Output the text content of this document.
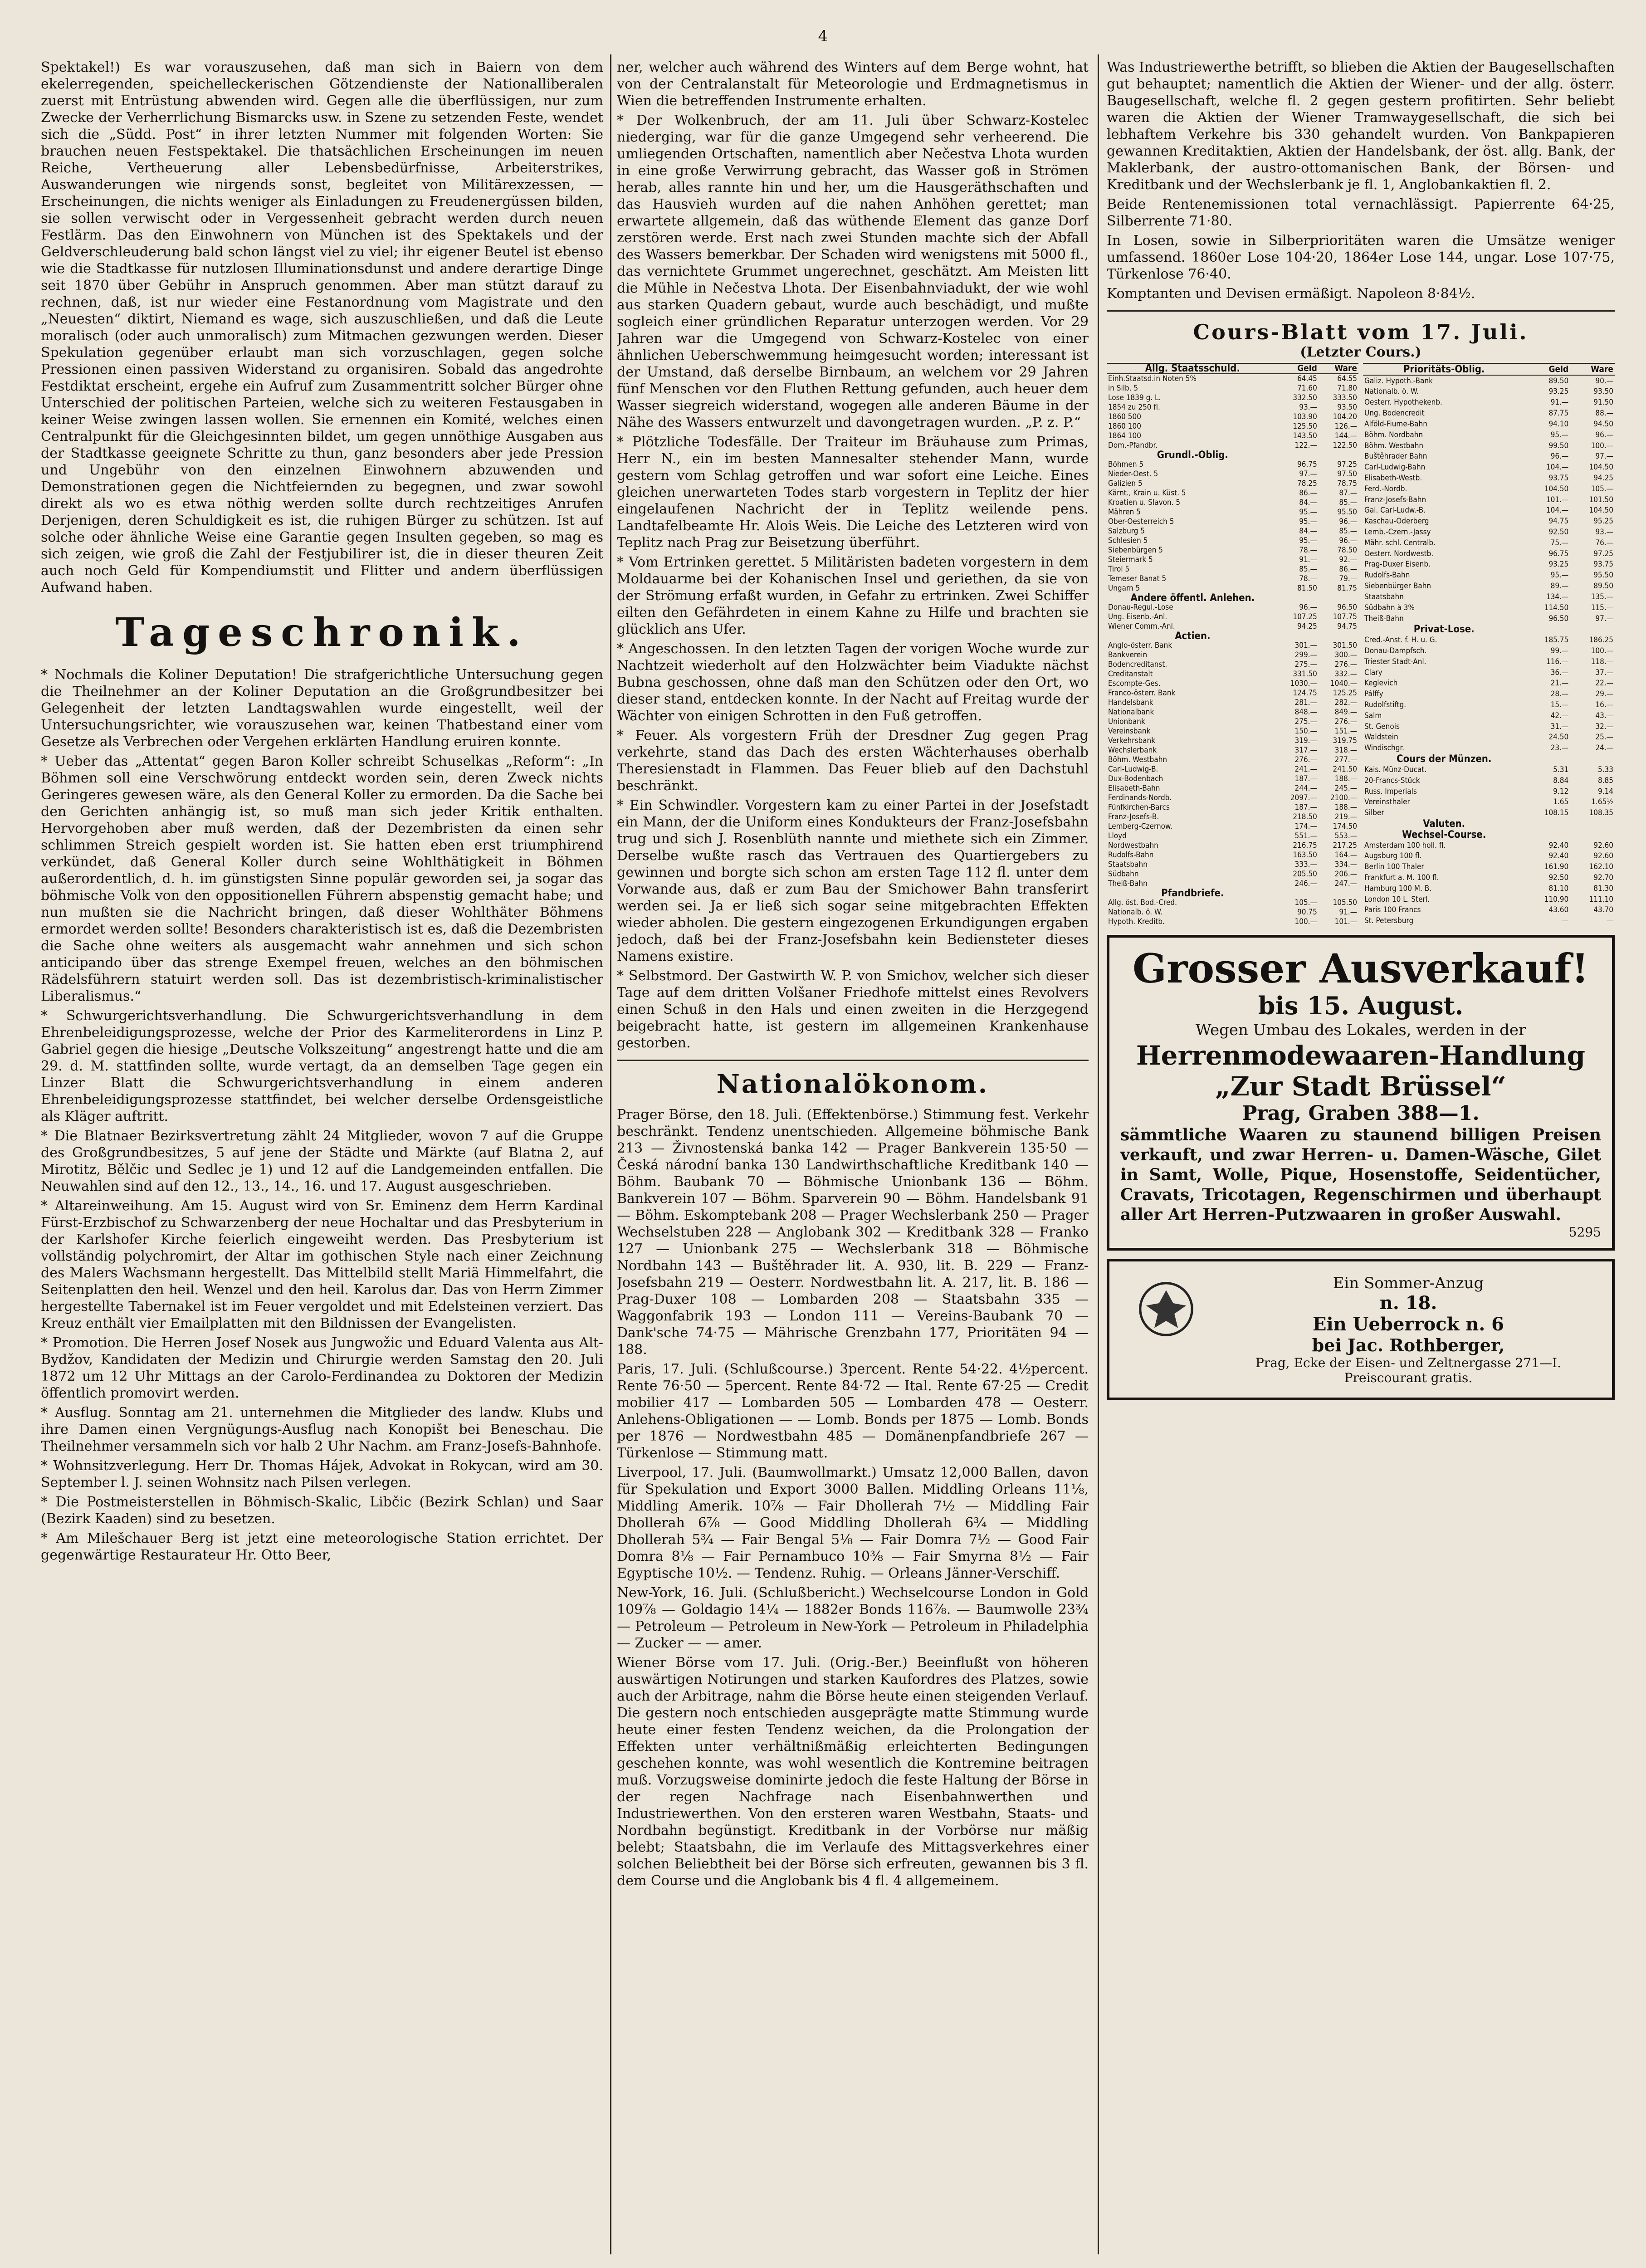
4

Spektakel!) Es war vorauszusehen, daß man sich in Baiern von dem ekelerregenden, speichelleckerischen Götzendienste der Nationalliberalen zuerst mit Entrüstung abwenden wird. Gegen alle die überflüssigen, nur zum Zwecke der Verherrlichung Bismarcks usw. in Szene zu setzenden Feste, wendet sich die „Südd. Post“ in ihrer letzten Nummer mit folgenden Worten: Sie brauchen neuen Festspektakel. Die thatsächlichen Erscheinungen im neuen Reiche, Vertheuerung aller Lebensbedürfnisse, Arbeiterstrikes, Auswanderungen wie nirgends sonst, begleitet von Militärexzessen, — Erscheinungen, die nichts weniger als Einladungen zu Freudenergüssen bilden, sie sollen verwischt oder in Vergessenheit gebracht werden durch neuen Festlärm. Das den Einwohnern von München ist des Spektakels und der Geldverschleuderung bald schon längst viel zu viel; ihr eigener Beutel ist ebenso wie die Stadtkasse für nutzlosen Illuminationsdunst und andere derartige Dinge seit 1870 über Gebühr in Anspruch genommen. Aber man stützt darauf zu rechnen, daß, ist nur wieder eine Festanordnung vom Magistrate und den „Neuesten“ diktirt, Niemand es wage, sich auszuschließen, und daß die Leute moralisch (oder auch unmoralisch) zum Mitmachen gezwungen werden. Dieser Spekulation gegenüber erlaubt man sich vorzuschlagen, gegen solche Pressionen einen passiven Widerstand zu organisiren. Sobald das angedrohte Festdiktat erscheint, ergehe ein Aufruf zum Zusammentritt solcher Bürger ohne Unterschied der politischen Parteien, welche sich zu weiteren Festausgaben in keiner Weise zwingen lassen wollen. Sie ernennen ein Komité, welches einen Centralpunkt für die Gleichgesinnten bildet, um gegen unnöthige Ausgaben aus der Stadtkasse geeignete Schritte zu thun, ganz besonders aber jede Pression und Ungebühr von den einzelnen Einwohnern abzuwenden und Demonstrationen gegen die Nichtfeiernden zu begegnen, und zwar sowohl direkt als wo es etwa nöthig werden sollte durch rechtzeitiges Anrufen Derjenigen, deren Schuldigkeit es ist, die ruhigen Bürger zu schützen. Ist auf solche oder ähnliche Weise eine Garantie gegen Insulten gegeben, so mag es sich zeigen, wie groß die Zahl der Festjubilirer ist, die in dieser theuren Zeit auch noch Geld für Kompendiumstit und Flitter und andern überflüssigen Aufwand haben.

Tageschronik.

* Nochmals die Koliner Deputation! Die strafgerichtliche Untersuchung gegen die Theilnehmer an der Koliner Deputation an die Großgrundbesitzer bei Gelegenheit der letzten Landtagswahlen wurde eingestellt, weil der Untersuchungsrichter, wie vorauszusehen war, keinen Thatbestand einer vom Gesetze als Verbrechen oder Vergehen erklärten Handlung eruiren konnte.

* Ueber das „Attentat“ gegen Baron Koller schreibt Schuselkas „Reform“: „In Böhmen soll eine Verschwörung entdeckt worden sein, deren Zweck nichts Geringeres gewesen wäre, als den General Koller zu ermorden. Da die Sache bei den Gerichten anhängig ist, so muß man sich jeder Kritik enthalten. Hervorgehoben aber muß werden, daß der Dezembristen da einen sehr schlimmen Streich gespielt worden ist. Sie hatten eben erst triumphirend verkündet, daß General Koller durch seine Wohlthätigkeit in Böhmen außerordentlich, d. h. im günstigsten Sinne populär geworden sei, ja sogar das böhmische Volk von den oppositionellen Führern abspenstig gemacht habe; und nun mußten sie die Nachricht bringen, daß dieser Wohlthäter Böhmens ermordet werden sollte! Besonders charakteristisch ist es, daß die Dezembristen die Sache ohne weiters als ausgemacht wahr annehmen und sich schon anticipando über das strenge Exempel freuen, welches an den böhmischen Rädelsführern statuirt werden soll. Das ist dezembristisch-kriminalistischer Liberalismus.“

* Schwurgerichtsverhandlung. Die Schwurgerichtsverhandlung in dem Ehrenbeleidigungsprozesse, welche der Prior des Karmeliterordens in Linz P. Gabriel gegen die hiesige „Deutsche Volkszeitung“ angestrengt hatte und die am 29. d. M. stattfinden sollte, wurde vertagt, da an demselben Tage gegen ein Linzer Blatt die Schwurgerichtsverhandlung in einem anderen Ehrenbeleidigungsprozesse stattfindet, bei welcher derselbe Ordensgeistliche als Kläger auftritt.

* Die Blatnaer Bezirksvertretung zählt 24 Mitglieder, wovon 7 auf die Gruppe des Großgrundbesitzes, 5 auf jene der Städte und Märkte (auf Blatna 2, auf Mirotitz, Bělčic und Sedlec je 1) und 12 auf die Landgemeinden entfallen. Die Neuwahlen sind auf den 12., 13., 14., 16. und 17. August ausgeschrieben.

* Altareinweihung. Am 15. August wird von Sr. Eminenz dem Herrn Kardinal Fürst-Erzbischof zu Schwarzenberg der neue Hochaltar und das Presbyterium in der Karlshofer Kirche feierlich eingeweiht werden. Das Presbyterium ist vollständig polychromirt, der Altar im gothischen Style nach einer Zeichnung des Malers Wachsmann hergestellt. Das Mittelbild stellt Mariä Himmelfahrt, die Seitenplatten den heil. Wenzel und den heil. Karolus dar. Das von Herrn Zimmer hergestellte Tabernakel ist im Feuer vergoldet und mit Edelsteinen verziert. Das Kreuz enthält vier Emailplatten mit den Bildnissen der Evangelisten.

* Promotion. Die Herren Josef Nosek aus Jungwožic und Eduard Valenta aus Alt-Bydžov, Kandidaten der Medizin und Chirurgie werden Samstag den 20. Juli 1872 um 12 Uhr Mittags an der Carolo-Ferdinandea zu Doktoren der Medizin öffentlich promovirt werden.

* Ausflug. Sonntag am 21. unternehmen die Mitglieder des landw. Klubs und ihre Damen einen Vergnügungs-Ausflug nach Konopišt bei Beneschau. Die Theilnehmer versammeln sich vor halb 2 Uhr Nachm. am Franz-Josefs-Bahnhofe.

* Wohnsitzverlegung. Herr Dr. Thomas Hájek, Advokat in Rokycan, wird am 30. September l. J. seinen Wohnsitz nach Pilsen verlegen.

* Die Postmeisterstellen in Böhmisch-Skalic, Libčic (Bezirk Schlan) und Saar (Bezirk Kaaden) sind zu besetzen.

* Am Milešchauer Berg ist jetzt eine meteorologische Station errichtet. Der gegenwärtige Restaurateur Hr. Otto Beer,

ner, welcher auch während des Winters auf dem Berge wohnt, hat von der Centralanstalt für Meteorologie und Erdmagnetismus in Wien die betreffenden Instrumente erhalten.

* Der Wolkenbruch, der am 11. Juli über Schwarz-Kostelec niederging, war für die ganze Umgegend sehr verheerend. Die umliegenden Ortschaften, namentlich aber Nečestva Lhota wurden in eine große Verwirrung gebracht, das Wasser goß in Strömen herab, alles rannte hin und her, um die Hausgeräthschaften und das Hausvieh wurden auf die nahen Anhöhen gerettet; man erwartete allgemein, daß das wüthende Element das ganze Dorf zerstören werde. Erst nach zwei Stunden machte sich der Abfall des Wassers bemerkbar. Der Schaden wird wenigstens mit 5000 fl., das vernichtete Grummet ungerechnet, geschätzt. Am Meisten litt die Mühle in Nečestva Lhota. Der Eisenbahnviadukt, der wie wohl aus starken Quadern gebaut, wurde auch beschädigt, und mußte sogleich einer gründlichen Reparatur unterzogen werden. Vor 29 Jahren war die Umgegend von Schwarz-Kostelec von einer ähnlichen Ueberschwemmung heimgesucht worden; interessant ist der Umstand, daß derselbe Birnbaum, an welchem vor 29 Jahren fünf Menschen vor den Fluthen Rettung gefunden, auch heuer dem Wasser siegreich widerstand, wogegen alle anderen Bäume in der Nähe des Wassers entwurzelt und davongetragen wurden. „P. z. P.“

* Plötzliche Todesfälle. Der Traiteur im Bräuhause zum Primas, Herr N., ein im besten Mannesalter stehender Mann, wurde gestern vom Schlag getroffen und war sofort eine Leiche. Eines gleichen unerwarteten Todes starb vorgestern in Teplitz der hier eingelaufenen Nachricht der in Teplitz weilende pens. Landtafelbeamte Hr. Alois Weis. Die Leiche des Letzteren wird von Teplitz nach Prag zur Beisetzung überführt.

* Vom Ertrinken gerettet. 5 Militäristen badeten vorgestern in dem Moldauarme bei der Kohanischen Insel und geriethen, da sie von der Strömung erfaßt wurden, in Gefahr zu ertrinken. Zwei Schiffer eilten den Gefährdeten in einem Kahne zu Hilfe und brachten sie glücklich ans Ufer.

* Angeschossen. In den letzten Tagen der vorigen Woche wurde zur Nachtzeit wiederholt auf den Holzwächter beim Viadukte nächst Bubna geschossen, ohne daß man den Schützen oder den Ort, wo dieser stand, entdecken konnte. In der Nacht auf Freitag wurde der Wächter von einigen Schrotten in den Fuß getroffen.

* Feuer. Als vorgestern Früh der Dresdner Zug gegen Prag verkehrte, stand das Dach des ersten Wächterhauses oberhalb Theresienstadt in Flammen. Das Feuer blieb auf den Dachstuhl beschränkt.

* Ein Schwindler. Vorgestern kam zu einer Partei in der Josefstadt ein Mann, der die Uniform eines Kondukteurs der Franz-Josefsbahn trug und sich J. Rosenblüth nannte und miethete sich ein Zimmer. Derselbe wußte rasch das Vertrauen des Quartiergebers zu gewinnen und borgte sich schon am ersten Tage 112 fl. unter dem Vorwande aus, daß er zum Bau der Smichower Bahn transferirt werden sei. Ja er ließ sich sogar seine mitgebrachten Effekten wieder abholen. Die gestern eingezogenen Erkundigungen ergaben jedoch, daß bei der Franz-Josefsbahn kein Bediensteter dieses Namens existire.

* Selbstmord. Der Gastwirth W. P. von Smichov, welcher sich dieser Tage auf dem dritten Volšaner Friedhofe mittelst eines Revolvers einen Schuß in den Hals und einen zweiten in die Herzgegend beigebracht hatte, ist gestern im allgemeinen Krankenhause gestorben.

Nationalökonom.

Prager Börse, den 18. Juli. (Effektenbörse.) Stimmung fest. Verkehr beschränkt. Tendenz unentschieden. Allgemeine böhmische Bank 213 — Živnostenská banka 142 — Prager Bankverein 135·50 — Česká národní banka 130 Landwirthschaftliche Kreditbank 140 — Böhm. Baubank 70 — Böhmische Unionbank 136 — Böhm. Bankverein 107 — Böhm. Sparverein 90 — Böhm. Handelsbank 91 — Böhm. Eskomptebank 208 — Prager Wechslerbank 250 — Prager Wechselstuben 228 — Anglobank 302 — Kreditbank 328 — Franko 127 — Unionbank 275 — Wechslerbank 318 — Böhmische Nordbahn 143 — Buštěhrader lit. A. 930, lit. B. 229 — Franz-Josefsbahn 219 — Oesterr. Nordwestbahn lit. A. 217, lit. B. 186 — Prag-Duxer 108 — Lombarden 208 — Staatsbahn 335 — Waggonfabrik 193 — London 111 — Vereins-Baubank 70 — Dank'sche 74·75 — Mährische Grenzbahn 177, Prioritäten 94 — 188.

Paris, 17. Juli. (Schlußcourse.) 3percent. Rente 54·22. 4½percent. Rente 76·50 — 5percent. Rente 84·72 — Ital. Rente 67·25 — Credit mobilier 417 — Lombarden 505 — Lombarden 478 — Oesterr. Anlehens-Obligationen — — Lomb. Bonds per 1875 — Lomb. Bonds per 1876 — Nordwestbahn 485 — Domänenpfandbriefe 267 — Türkenlose — Stimmung matt.

Liverpool, 17. Juli. (Baumwollmarkt.) Umsatz 12,000 Ballen, davon für Spekulation und Export 3000 Ballen. Middling Orleans 11⅛, Middling Amerik. 10⅞ — Fair Dhollerah 7½ — Middling Fair Dhollerah 6⅞ — Good Middling Dhollerah 6¾ — Middling Dhollerah 5¾ — Fair Bengal 5⅛ — Fair Domra 7½ — Good Fair Domra 8⅛ — Fair Pernambuco 10⅜ — Fair Smyrna 8½ — Fair Egyptische 10½. — Tendenz. Ruhig. — Orleans Jänner-Verschiff.

New-York, 16. Juli. (Schlußbericht.) Wechselcourse London in Gold 109⅞ — Goldagio 14¼ — 1882er Bonds 116⅞. — Baumwolle 23¾ — Petroleum — Petroleum in New-York — Petroleum in Philadelphia — Zucker — — amer.

Wiener Börse vom 17. Juli. (Orig.-Ber.) Beeinflußt von höheren auswärtigen Notirungen und starken Kaufordres des Platzes, sowie auch der Arbitrage, nahm die Börse heute einen steigenden Verlauf. Die gestern noch entschieden ausgeprägte matte Stimmung wurde heute einer festen Tendenz weichen, da die Prolongation der Effekten unter verhältnißmäßig erleichterten Bedingungen geschehen konnte, was wohl wesentlich die Kontremine beitragen muß. Vorzugsweise dominirte jedoch die feste Haltung der Börse in der regen Nachfrage nach Eisenbahnwerthen und Industriewerthen. Von den ersteren waren Westbahn, Staats- und Nordbahn begünstigt. Kreditbank in der Vorbörse nur mäßig belebt; Staatsbahn, die im Verlaufe des Mittagsverkehres einer solchen Beliebtheit bei der Börse sich erfreuten, gewannen bis 3 fl. dem Course und die Anglobank bis 4 fl. 4 allgemeinem.

Was Industriewerthe betrifft, so blieben die Aktien der Baugesellschaften gut behauptet; namentlich die Aktien der Wiener- und der allg. österr. Baugesellschaft, welche fl. 2 gegen gestern profitirten. Sehr beliebt waren die Aktien der Wiener Tramwaygesellschaft, die sich bei lebhaftem Verkehre bis 330 gehandelt wurden. Von Bankpapieren gewannen Kreditaktien, Aktien der Handelsbank, der öst. allg. Bank, der Maklerbank, der austro-ottomanischen Bank, der Börsen- und Kreditbank und der Wechslerbank je fl. 1, Anglobankaktien fl. 2.

Beide Rentenemissionen total vernachlässigt. Papierrente 64·25, Silberrente 71·80.

In Losen, sowie in Silberprioritäten waren die Umsätze weniger umfassend. 1860er Lose 104·20, 1864er Lose 144, ungar. Lose 107·75, Türkenlose 76·40.

Komptanten und Devisen ermäßigt. Napoleon 8·84⅟₂.

Cours-Blatt vom 17. Juli.
(Letzter Cours.)
Allg. Staatsschuld.	Geld	Ware
Einh.Staatsd.in Noten 5%	64.45	64.55
in Silb. 5	71.60	71.80
Lose 1839 g. L.	332.50	333.50
1854 zu 250 fl.	93.—	93.50
1860 500	103.90	104.20
1860 100	125.50	126.—
1864 100	143.50	144.—
Dom.-Pfandbr.	122.—	122.50
Grundl.-Oblig.		
Böhmen 5	96.75	97.25
Nieder-Oest. 5	97.—	97.50
Galizien 5	78.25	78.75
Kärnt., Krain u. Küst. 5	86.—	87.—
Kroatien u. Slavon. 5	84.—	85.—
Mähren 5	95.—	95.50
Ober-Oesterreich 5	95.—	96.—
Salzburg 5	84.—	85.—
Schlesien 5	95.—	96.—
Siebenbürgen 5	78.—	78.50
Steiermark 5	91.—	92.—
Tirol 5	85.—	86.—
Temeser Banat 5	78.—	79.—
Ungarn 5	81.50	81.75
Andere öffentl. Anlehen.		
Donau-Regul.-Lose	96.—	96.50
Ung. Eisenb.-Anl.	107.25	107.75
Wiener Comm.-Anl.	94.25	94.75
Actien.		
Anglo-österr. Bank	301.—	301.50
Bankverein	299.—	300.—
Bodencreditanst.	275.—	276.—
Creditanstalt	331.50	332.—
Escompte-Ges.	1030.—	1040.—
Franco-österr. Bank	124.75	125.25
Handelsbank	281.—	282.—
Nationalbank	848.—	849.—
Unionbank	275.—	276.—
Vereinsbank	150.—	151.—
Verkehrsbank	319.—	319.75
Wechslerbank	317.—	318.—
Böhm. Westbahn	276.—	277.—
Carl-Ludwig-B.	241.—	241.50
Dux-Bodenbach	187.—	188.—
Elisabeth-Bahn	244.—	245.—
Ferdinands-Nordb.	2097.—	2100.—
Fünfkirchen-Barcs	187.—	188.—
Franz-Josefs-B.	218.50	219.—
Lemberg-Czernow.	174.—	174.50
Lloyd	551.—	553.—
Nordwestbahn	216.75	217.25
Rudolfs-Bahn	163.50	164.—
Staatsbahn	333.—	334.—
Südbahn	205.50	206.—
Theiß-Bahn	246.—	247.—
Pfandbriefe.		
Allg. öst. Bod.-Cred.	105.—	105.50
Nationalb. ö. W.	90.75	91.—
Hypoth. Kreditb.	100.—	101.—
Prioritäts-Oblig.	Geld	Ware
Galiz. Hypoth.-Bank	89.50	90.—
Nationalb. ö. W.	93.25	93.50
Oesterr. Hypothekenb.	91.—	91.50
Ung. Bodencredit	87.75	88.—
Alföld-Fiume-Bahn	94.10	94.50
Böhm. Nordbahn	95.—	96.—
Böhm. Westbahn	99.50	100.—
Buštěhrader Bahn	96.—	97.—
Carl-Ludwig-Bahn	104.—	104.50
Elisabeth-Westb.	93.75	94.25
Ferd.-Nordb.	104.50	105.—
Franz-Josefs-Bahn	101.—	101.50
Gal. Carl-Ludw.-B.	104.—	104.50
Kaschau-Oderberg	94.75	95.25
Lemb.-Czern.-Jassy	92.50	93.—
Mähr. schl. Centralb.	75.—	76.—
Oesterr. Nordwestb.	96.75	97.25
Prag-Duxer Eisenb.	93.25	93.75
Rudolfs-Bahn	95.—	95.50
Siebenbürger Bahn	89.—	89.50
Staatsbahn	134.—	135.—
Südbahn à 3%	114.50	115.—
Theiß-Bahn	96.50	97.—
Privat-Lose.		
Cred.-Anst. f. H. u. G.	185.75	186.25
Donau-Dampfsch.	99.—	100.—
Triester Stadt-Anl.	116.—	118.—
Clary	36.—	37.—
Keglevich	21.—	22.—
Pálffy	28.—	29.—
Rudolfstiftg.	15.—	16.—
Salm	42.—	43.—
St. Genois	31.—	32.—
Waldstein	24.50	25.—
Windischgr.	23.—	24.—
Cours der Münzen.		
Kais. Münz-Ducat.	5.31	5.33
20-Francs-Stück	8.84	8.85
Russ. Imperials	9.12	9.14
Vereinsthaler	1.65	1.65½
Silber	108.15	108.35
Valuten.		
Wechsel-Course.		
Amsterdam 100 holl. fl.	92.40	92.60
Augsburg 100 fl.	92.40	92.60
Berlin 100 Thaler	161.90	162.10
Frankfurt a. M. 100 fl.	92.50	92.70
Hamburg 100 M. B.	81.10	81.30
London 10 L. Sterl.	110.90	111.10
Paris 100 Francs	43.60	43.70
St. Petersburg	—	—
Grosser Ausverkauf!
bis 15. August.
Wegen Umbau des Lokales, werden in der
Herrenmodewaaren-Handlung
„Zur Stadt Brüssel“
Prag, Graben 388—1.
sämmtliche Waaren zu staunend billigen Preisen verkauft, und zwar Herren- u. Damen-Wäsche, Gilet in Samt, Wolle, Pique, Hosenstoffe, Seidentücher, Cravats, Tricotagen, Regenschirmen und überhaupt aller Art Herren-Putzwaaren in großer Auswahl.
5295
Ein Sommer-Anzug
n. 18.
Ein Ueberrock n. 6
bei Jac. Rothberger,
Prag, Ecke der Eisen- und Zeltnergasse 271—I.
Preiscourant gratis.
